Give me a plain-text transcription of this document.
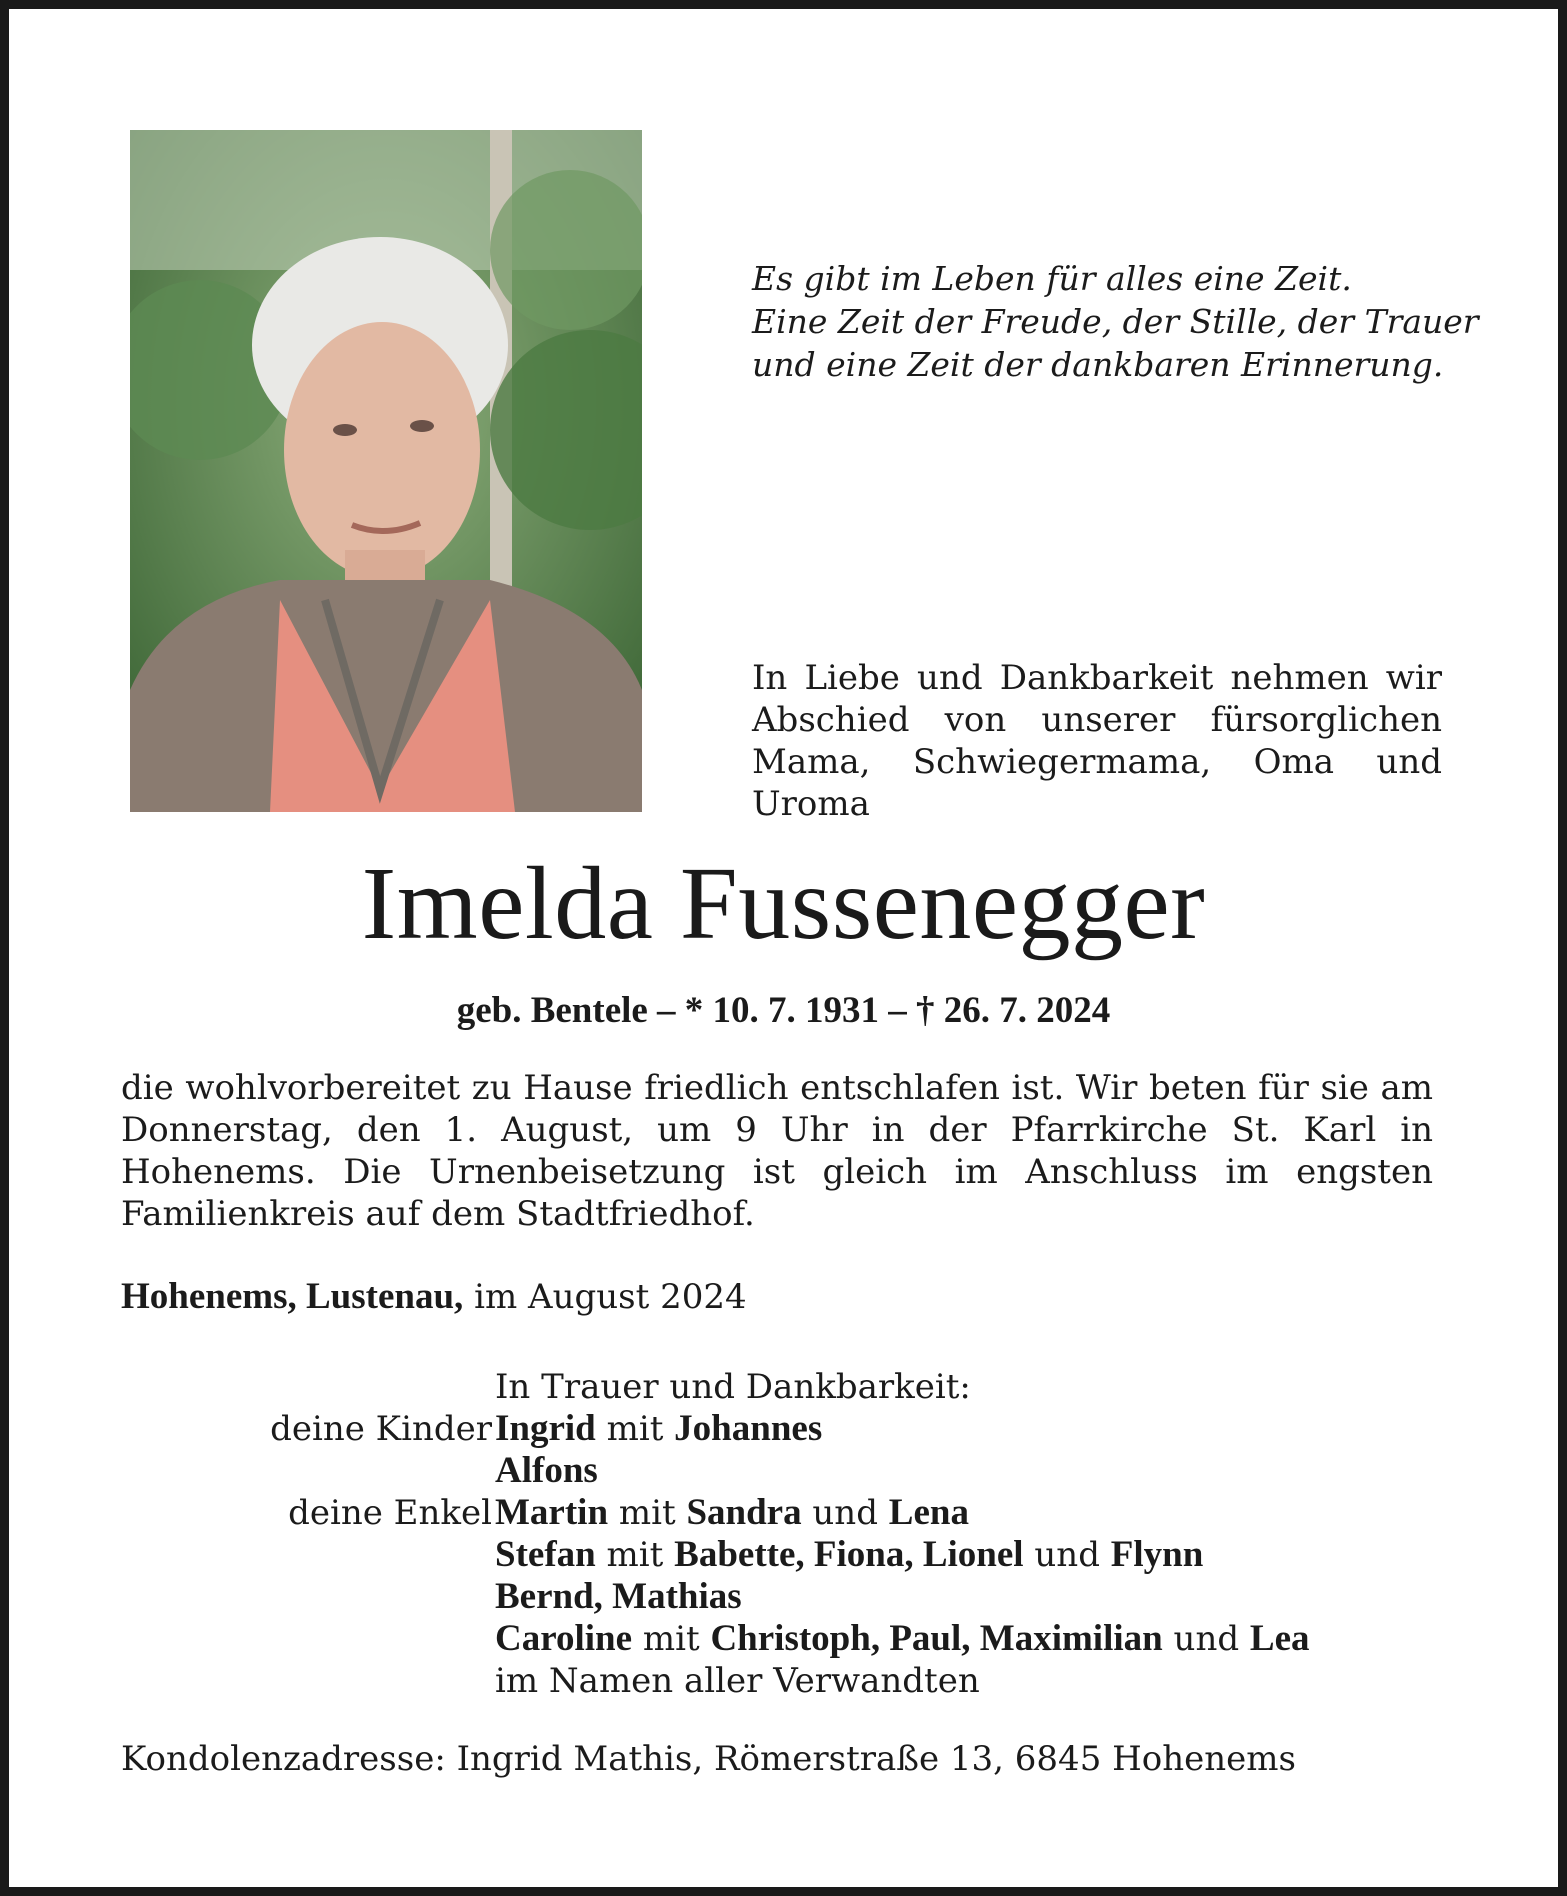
Es gibt im Leben für alles eine Zeit.
Eine Zeit der Freude, der Stille, der Trauer
und eine Zeit der dankbaren Erinnerung.
In Liebe und Dankbarkeit nehmen wir Abschied von unserer fürsorglichen Mama, Schwiegermama, Oma und Uroma
Imelda Fussenegger
geb. Bentele – * 10. 7. 1931 – † 26. 7. 2024
die wohlvorbereitet zu Hause friedlich entschlafen ist. Wir beten für sie am Donnerstag, den 1. August, um 9 Uhr in der Pfarrkirche St. Karl in Hohenems. Die Urnenbeisetzung ist gleich im Anschluss im engsten Familienkreis auf dem Stadtfriedhof.
Hohenems, Lustenau, im August 2024
In Trauer und Dankbarkeit:
deine Kinder Ingrid mit Johannes
Alfons
deine Enkel Martin mit Sandra und Lena
Stefan mit Babette, Fiona, Lionel und Flynn
Bernd, Mathias
Caroline mit Christoph, Paul, Maximilian und Lea
im Namen aller Verwandten
Kondolenzadresse: Ingrid Mathis, Römerstraße 13, 6845 Hohenems
